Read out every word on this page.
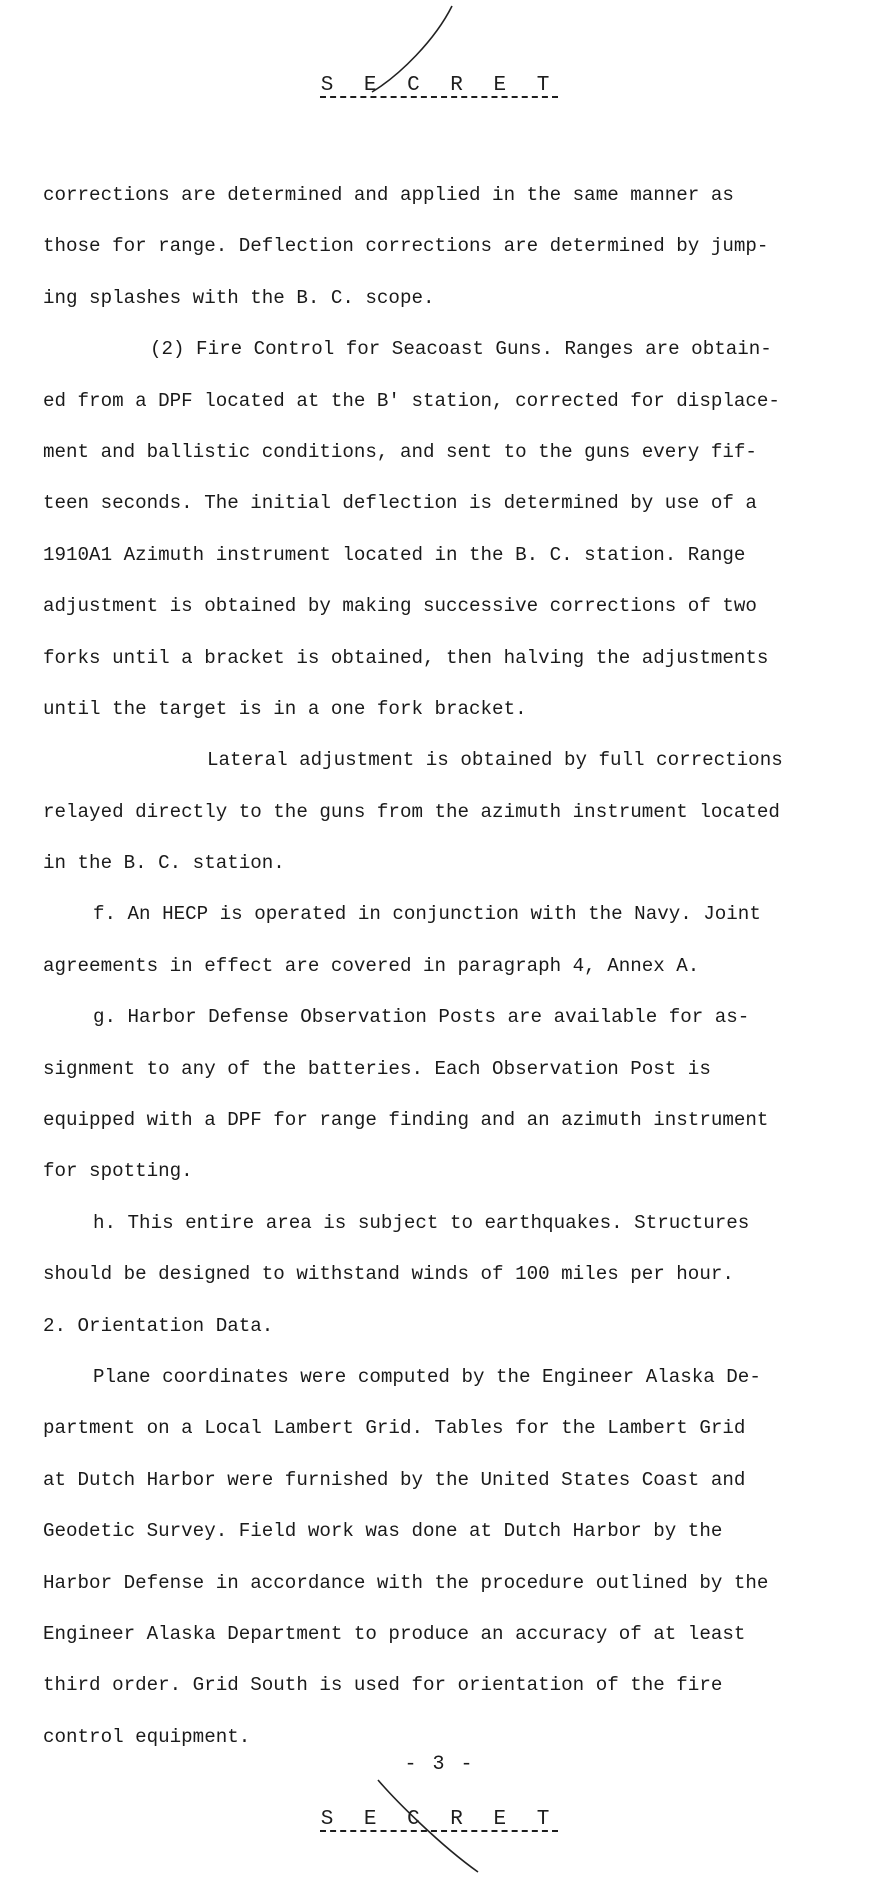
S E C R E T
corrections are determined and applied in the same manner as
those for range. Deflection corrections are determined by jump-
ing splashes with the B. C. scope.
(2) Fire Control for Seacoast Guns. Ranges are obtain-
ed from a DPF located at the B' station, corrected for displace-
ment and ballistic conditions, and sent to the guns every fif-
teen seconds. The initial deflection is determined by use of a
1910A1 Azimuth instrument located in the B. C. station. Range
adjustment is obtained by making successive corrections of two
forks until a bracket is obtained, then halving the adjustments
until the target is in a one fork bracket.
Lateral adjustment is obtained by full corrections
relayed directly to the guns from the azimuth instrument located
in the B. C. station.
f. An HECP is operated in conjunction with the Navy. Joint
agreements in effect are covered in paragraph 4, Annex A.
g. Harbor Defense Observation Posts are available for as-
signment to any of the batteries. Each Observation Post is
equipped with a DPF for range finding and an azimuth instrument
for spotting.
h. This entire area is subject to earthquakes. Structures
should be designed to withstand winds of 100 miles per hour.
2. Orientation Data.
Plane coordinates were computed by the Engineer Alaska De-
partment on a Local Lambert Grid. Tables for the Lambert Grid
at Dutch Harbor were furnished by the United States Coast and
Geodetic Survey. Field work was done at Dutch Harbor by the
Harbor Defense in accordance with the procedure outlined by the
Engineer Alaska Department to produce an accuracy of at least
third order. Grid South is used for orientation of the fire
control equipment.
- 3 -
S E C R E T
